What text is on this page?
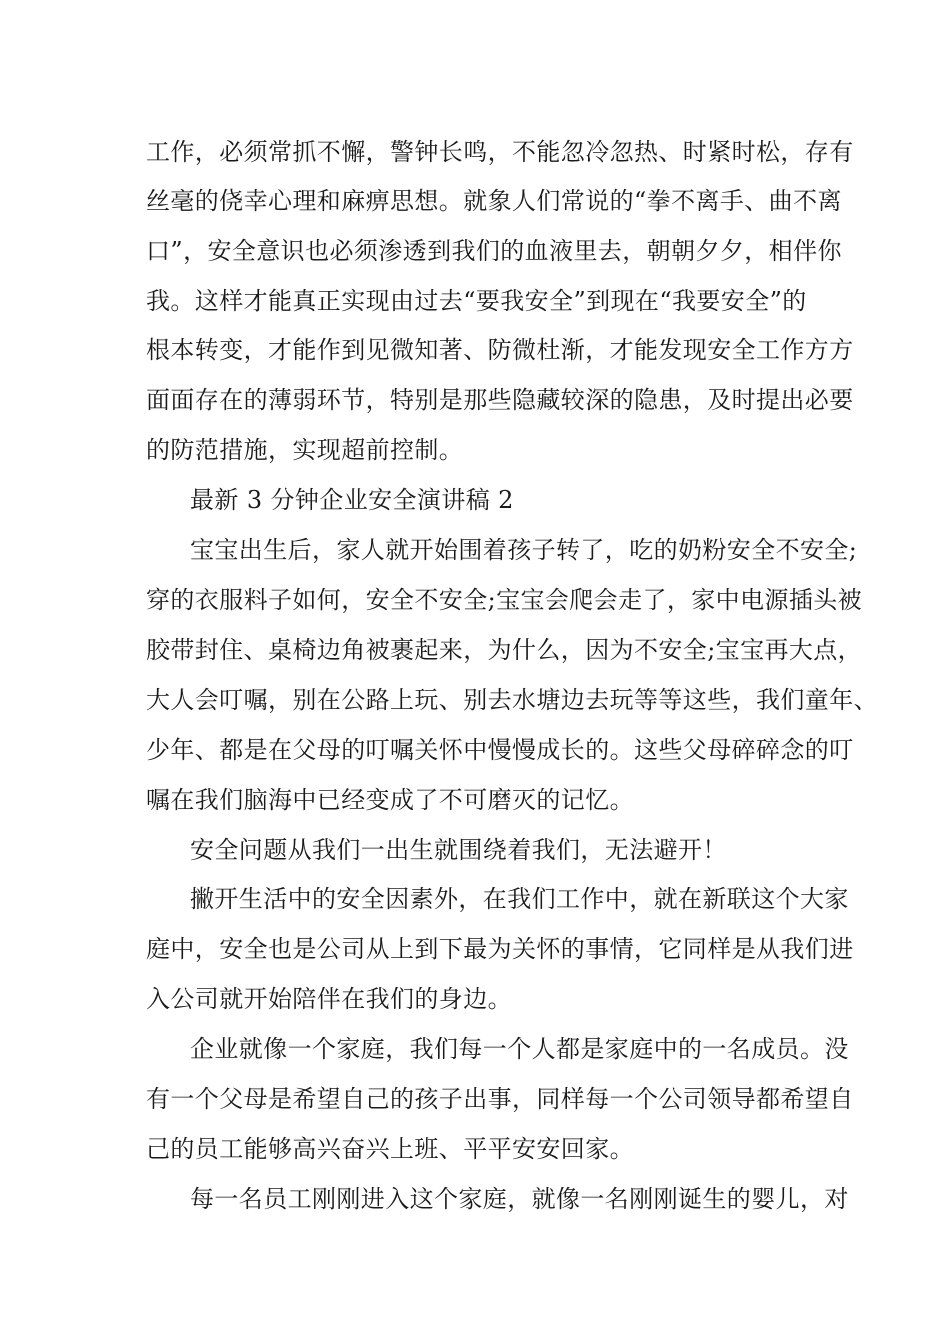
工作，必须常抓不懈，警钟长鸣，不能忽冷忽热、时紧时松，存有
丝毫的侥幸心理和麻痹思想。就象人们常说的“拳不离手、曲不离
口”，安全意识也必须渗透到我们的血液里去，朝朝夕夕，相伴你
我。这样才能真正实现由过去“要我安全”到现在“我要安全”的
根本转变，才能作到见微知著、防微杜渐，才能发现安全工作方方
面面存在的薄弱环节，特别是那些隐藏较深的隐患，及时提出必要
的防范措施，实现超前控制。
最新 3 分钟企业安全演讲稿 2
宝宝出生后，家人就开始围着孩子转了，吃的奶粉安全不安全;
穿的衣服料子如何，安全不安全;宝宝会爬会走了，家中电源插头被
胶带封住、桌椅边角被裹起来，为什么，因为不安全;宝宝再大点，
大人会叮嘱，别在公路上玩、别去水塘边去玩等等这些，我们童年、
少年、都是在父母的叮嘱关怀中慢慢成长的。这些父母碎碎念的叮
嘱在我们脑海中已经变成了不可磨灭的记忆。
安全问题从我们一出生就围绕着我们，无法避开！
撇开生活中的安全因素外，在我们工作中，就在新联这个大家
庭中，安全也是公司从上到下最为关怀的事情，它同样是从我们进
入公司就开始陪伴在我们的身边。
企业就像一个家庭，我们每一个人都是家庭中的一名成员。没
有一个父母是希望自己的孩子出事，同样每一个公司领导都希望自
己的员工能够高兴奋兴上班、平平安安回家。
每一名员工刚刚进入这个家庭，就像一名刚刚诞生的婴儿，对
